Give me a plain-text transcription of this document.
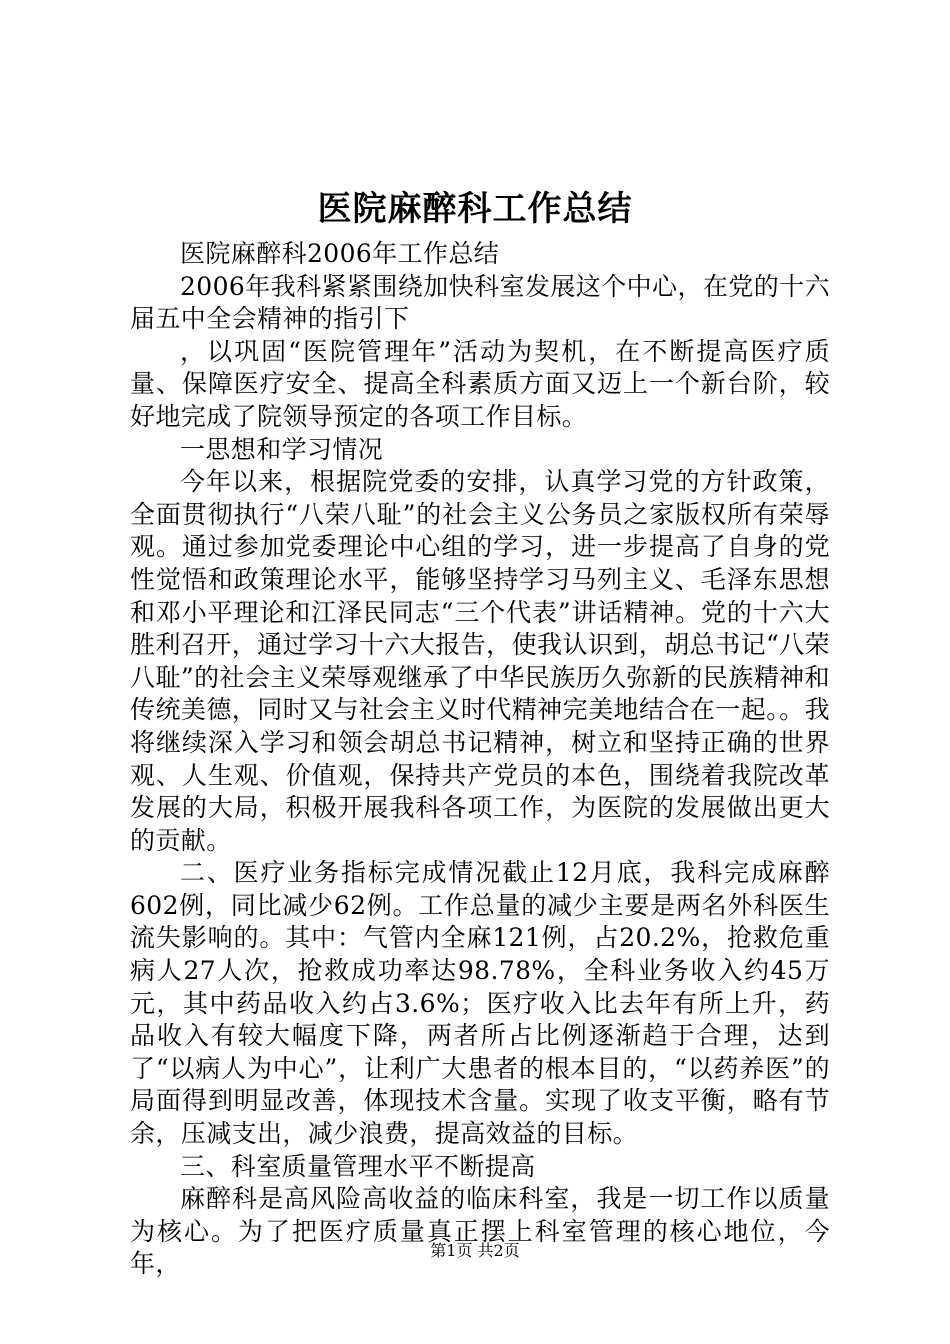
医院麻醉科工作总结

医院麻醉科2006年工作总结

2006年我科紧紧围绕加快科室发展这个中心，在党的十六届五中全会精神的指引下

，以巩固“医院管理年”活动为契机，在不断提高医疗质量、保障医疗安全、提高全科素质方面又迈上一个新台阶，较好地完成了院领导预定的各项工作目标。

一思想和学习情况

今年以来，根据院党委的安排，认真学习党的方针政策，全面贯彻执行“八荣八耻”的社会主义公务员之家版权所有荣辱观。通过参加党委理论中心组的学习，进一步提高了自身的党性觉悟和政策理论水平，能够坚持学习马列主义、毛泽东思想和邓小平理论和江泽民同志“三个代表”讲话精神。党的十六大胜利召开，通过学习十六大报告，使我认识到，胡总书记“八荣八耻”的社会主义荣辱观继承了中华民族历久弥新的民族精神和传统美德，同时又与社会主义时代精神完美地结合在一起。。我将继续深入学习和领会胡总书记精神，树立和坚持正确的世界观、人生观、价值观，保持共产党员的本色，围绕着我院改革发展的大局，积极开展我科各项工作，为医院的发展做出更大的贡献。

二、医疗业务指标完成情况截止12月底，我科完成麻醉602例，同比减少62例。工作总量的减少主要是两名外科医生流失影响的。其中：气管内全麻121例，占20.2%，抢救危重病人27人次，抢救成功率达98.78%，全科业务收入约45万元，其中药品收入约占3.6%；医疗收入比去年有所上升，药品收入有较大幅度下降，两者所占比例逐渐趋于合理，达到了“以病人为中心”，让利广大患者的根本目的，“以药养医”的局面得到明显改善，体现技术含量。实现了收支平衡，略有节余，压减支出，减少浪费，提高效益的目标。

三、科室质量管理水平不断提高

麻醉科是高风险高收益的临床科室，我是一切工作以质量为核心。为了把医疗质量真正摆上科室管理的核心地位，今年，	第1页 共2页
